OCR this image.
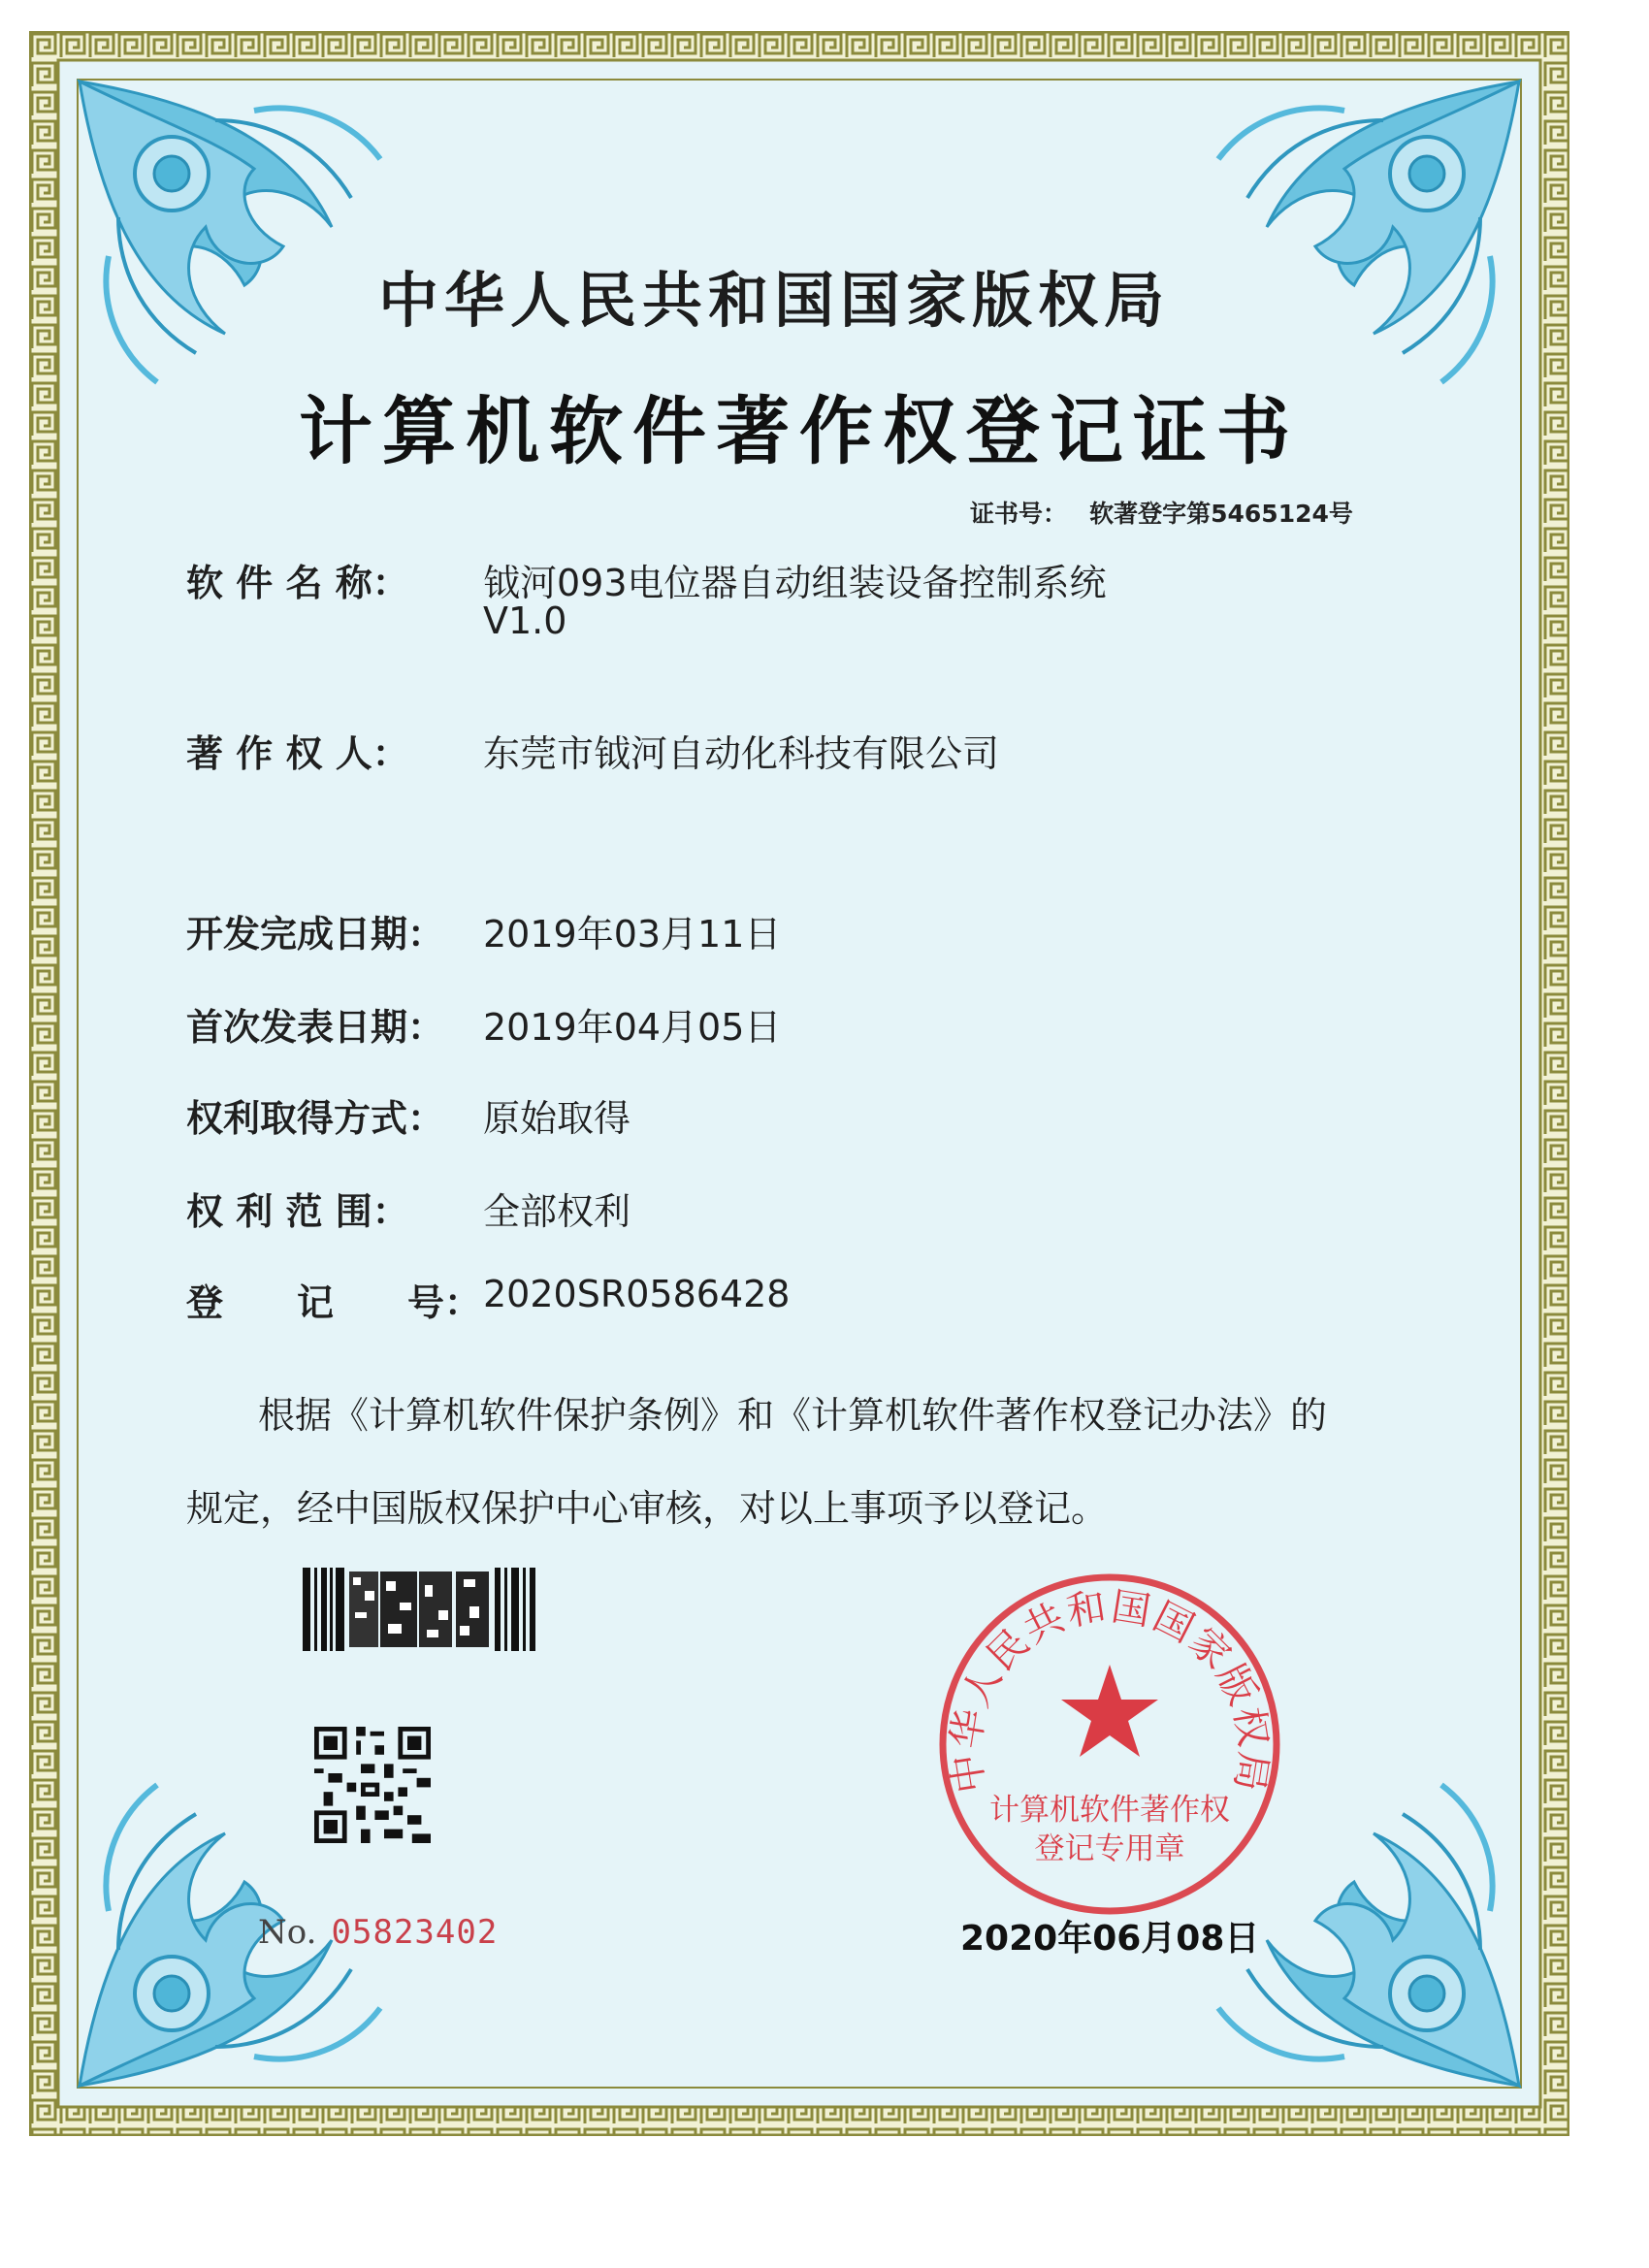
中华人民共和国国家版权局
计算机软件著作权登记证书
证书号： 软著登字第5465124号
软 件 名 称： 钺河093电位器自动组装设备控制系统
V1.0
著 作 权 人： 东莞市钺河自动化科技有限公司
开发完成日期： 2019年03月11日
首次发表日期： 2019年04月05日
权利取得方式： 原始取得
权 利 范 围： 全部权利
登　　记　　号： 2020SR0586428
根据《计算机软件保护条例》和《计算机软件著作权登记办法》的
规定，经中国版权保护中心审核，对以上事项予以登记。
No. 05823402
中华人民共和国国家版权局
计算机软件著作权
登记专用章
2020年06月08日
